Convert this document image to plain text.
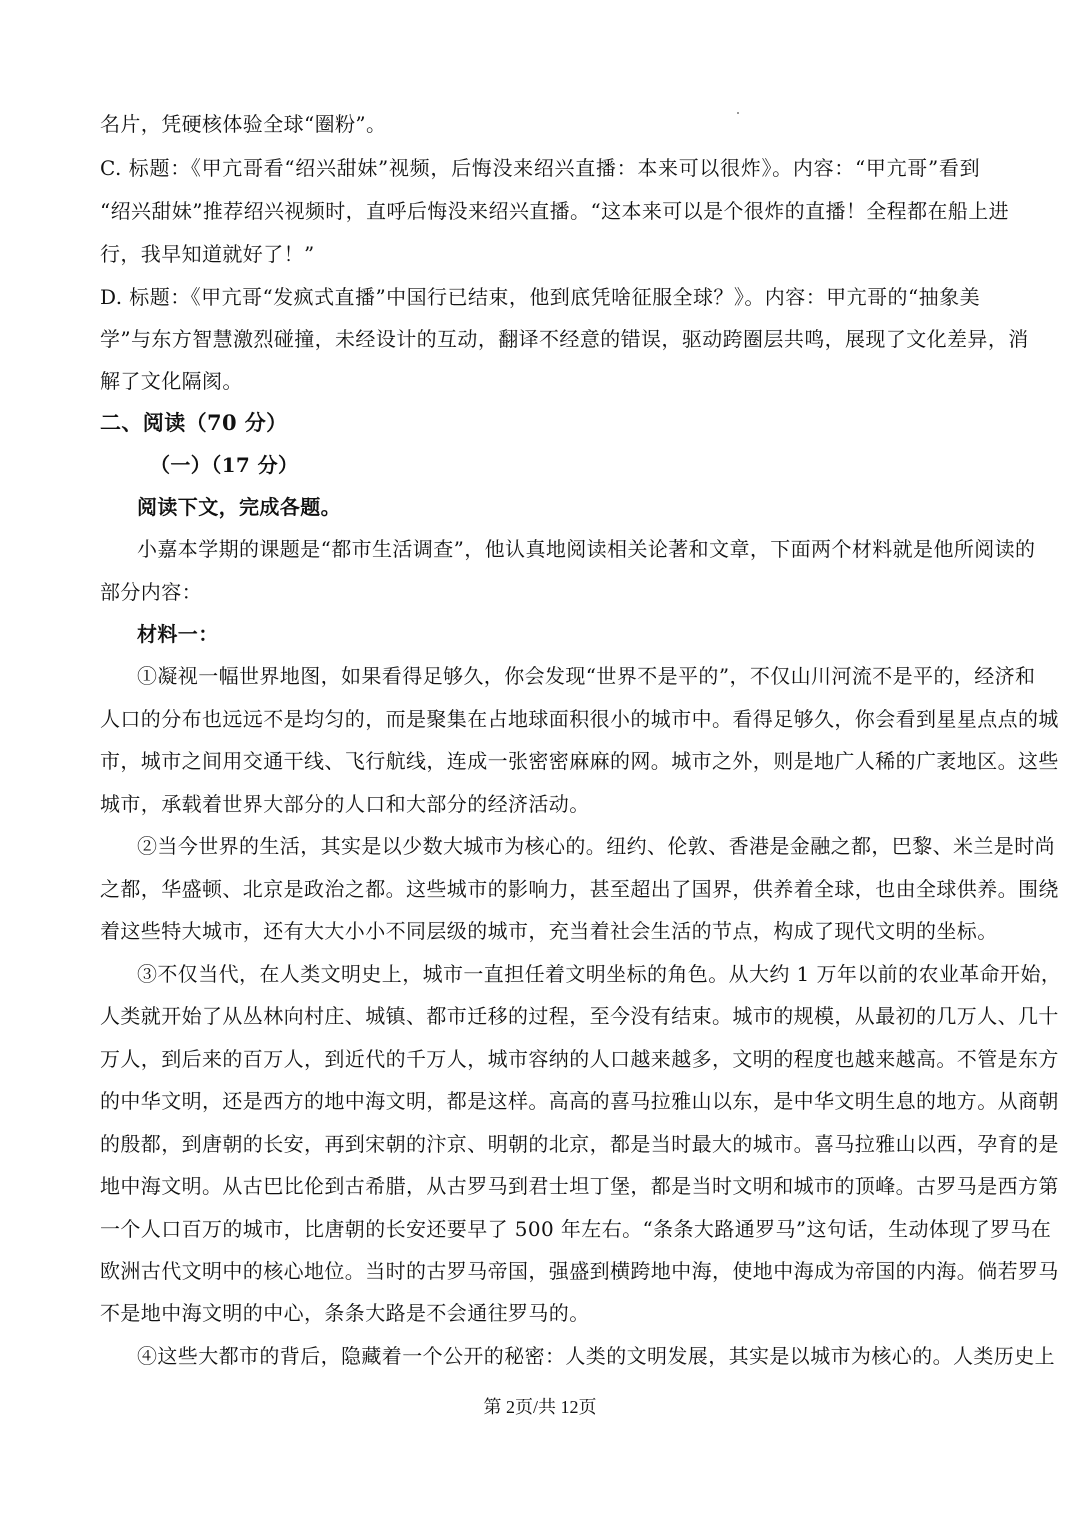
名片，凭硬核体验全球“圈粉”。
C. 标题：《甲亢哥看“绍兴甜妹”视频，后悔没来绍兴直播：本来可以很炸》。内容：“甲亢哥”看到
“绍兴甜妹”推荐绍兴视频时，直呼后悔没来绍兴直播。“这本来可以是个很炸的直播！全程都在船上进
行，我早知道就好了！”
D. 标题：《甲亢哥“发疯式直播”中国行已结束，他到底凭啥征服全球？》。内容：甲亢哥的“抽象美
学”与东方智慧激烈碰撞，未经设计的互动，翻译不经意的错误，驱动跨圈层共鸣，展现了文化差异，消
解了文化隔阂。
二、阅读（70 分）
（一）（17 分）
阅读下文，完成各题。
小嘉本学期的课题是“都市生活调查”，他认真地阅读相关论著和文章，下面两个材料就是他所阅读的
部分内容：
材料一：
①凝视一幅世界地图，如果看得足够久，你会发现“世界不是平的”，不仅山川河流不是平的，经济和
人口的分布也远远不是均匀的，而是聚集在占地球面积很小的城市中。看得足够久，你会看到星星点点的城
市，城市之间用交通干线、飞行航线，连成一张密密麻麻的网。城市之外，则是地广人稀的广袤地区。这些
城市，承载着世界大部分的人口和大部分的经济活动。
②当今世界的生活，其实是以少数大城市为核心的。纽约、伦敦、香港是金融之都，巴黎、米兰是时尚
之都，华盛顿、北京是政治之都。这些城市的影响力，甚至超出了国界，供养着全球，也由全球供养。围绕
着这些特大城市，还有大大小小不同层级的城市，充当着社会生活的节点，构成了现代文明的坐标。
③不仅当代，在人类文明史上，城市一直担任着文明坐标的角色。从大约 1 万年以前的农业革命开始，
人类就开始了从丛林向村庄、城镇、都市迁移的过程，至今没有结束。城市的规模，从最初的几万人、几十
万人，到后来的百万人，到近代的千万人，城市容纳的人口越来越多，文明的程度也越来越高。不管是东方
的中华文明，还是西方的地中海文明，都是这样。高高的喜马拉雅山以东，是中华文明生息的地方。从商朝
的殷都，到唐朝的长安，再到宋朝的汴京、明朝的北京，都是当时最大的城市。喜马拉雅山以西，孕育的是
地中海文明。从古巴比伦到古希腊，从古罗马到君士坦丁堡，都是当时文明和城市的顶峰。古罗马是西方第
一个人口百万的城市，比唐朝的长安还要早了 500 年左右。“条条大路通罗马”这句话，生动体现了罗马在
欧洲古代文明中的核心地位。当时的古罗马帝国，强盛到横跨地中海，使地中海成为帝国的内海。倘若罗马
不是地中海文明的中心，条条大路是不会通往罗马的。
④这些大都市的背后，隐藏着一个公开的秘密：人类的文明发展，其实是以城市为核心的。人类历史上
第 2页/共 12页
